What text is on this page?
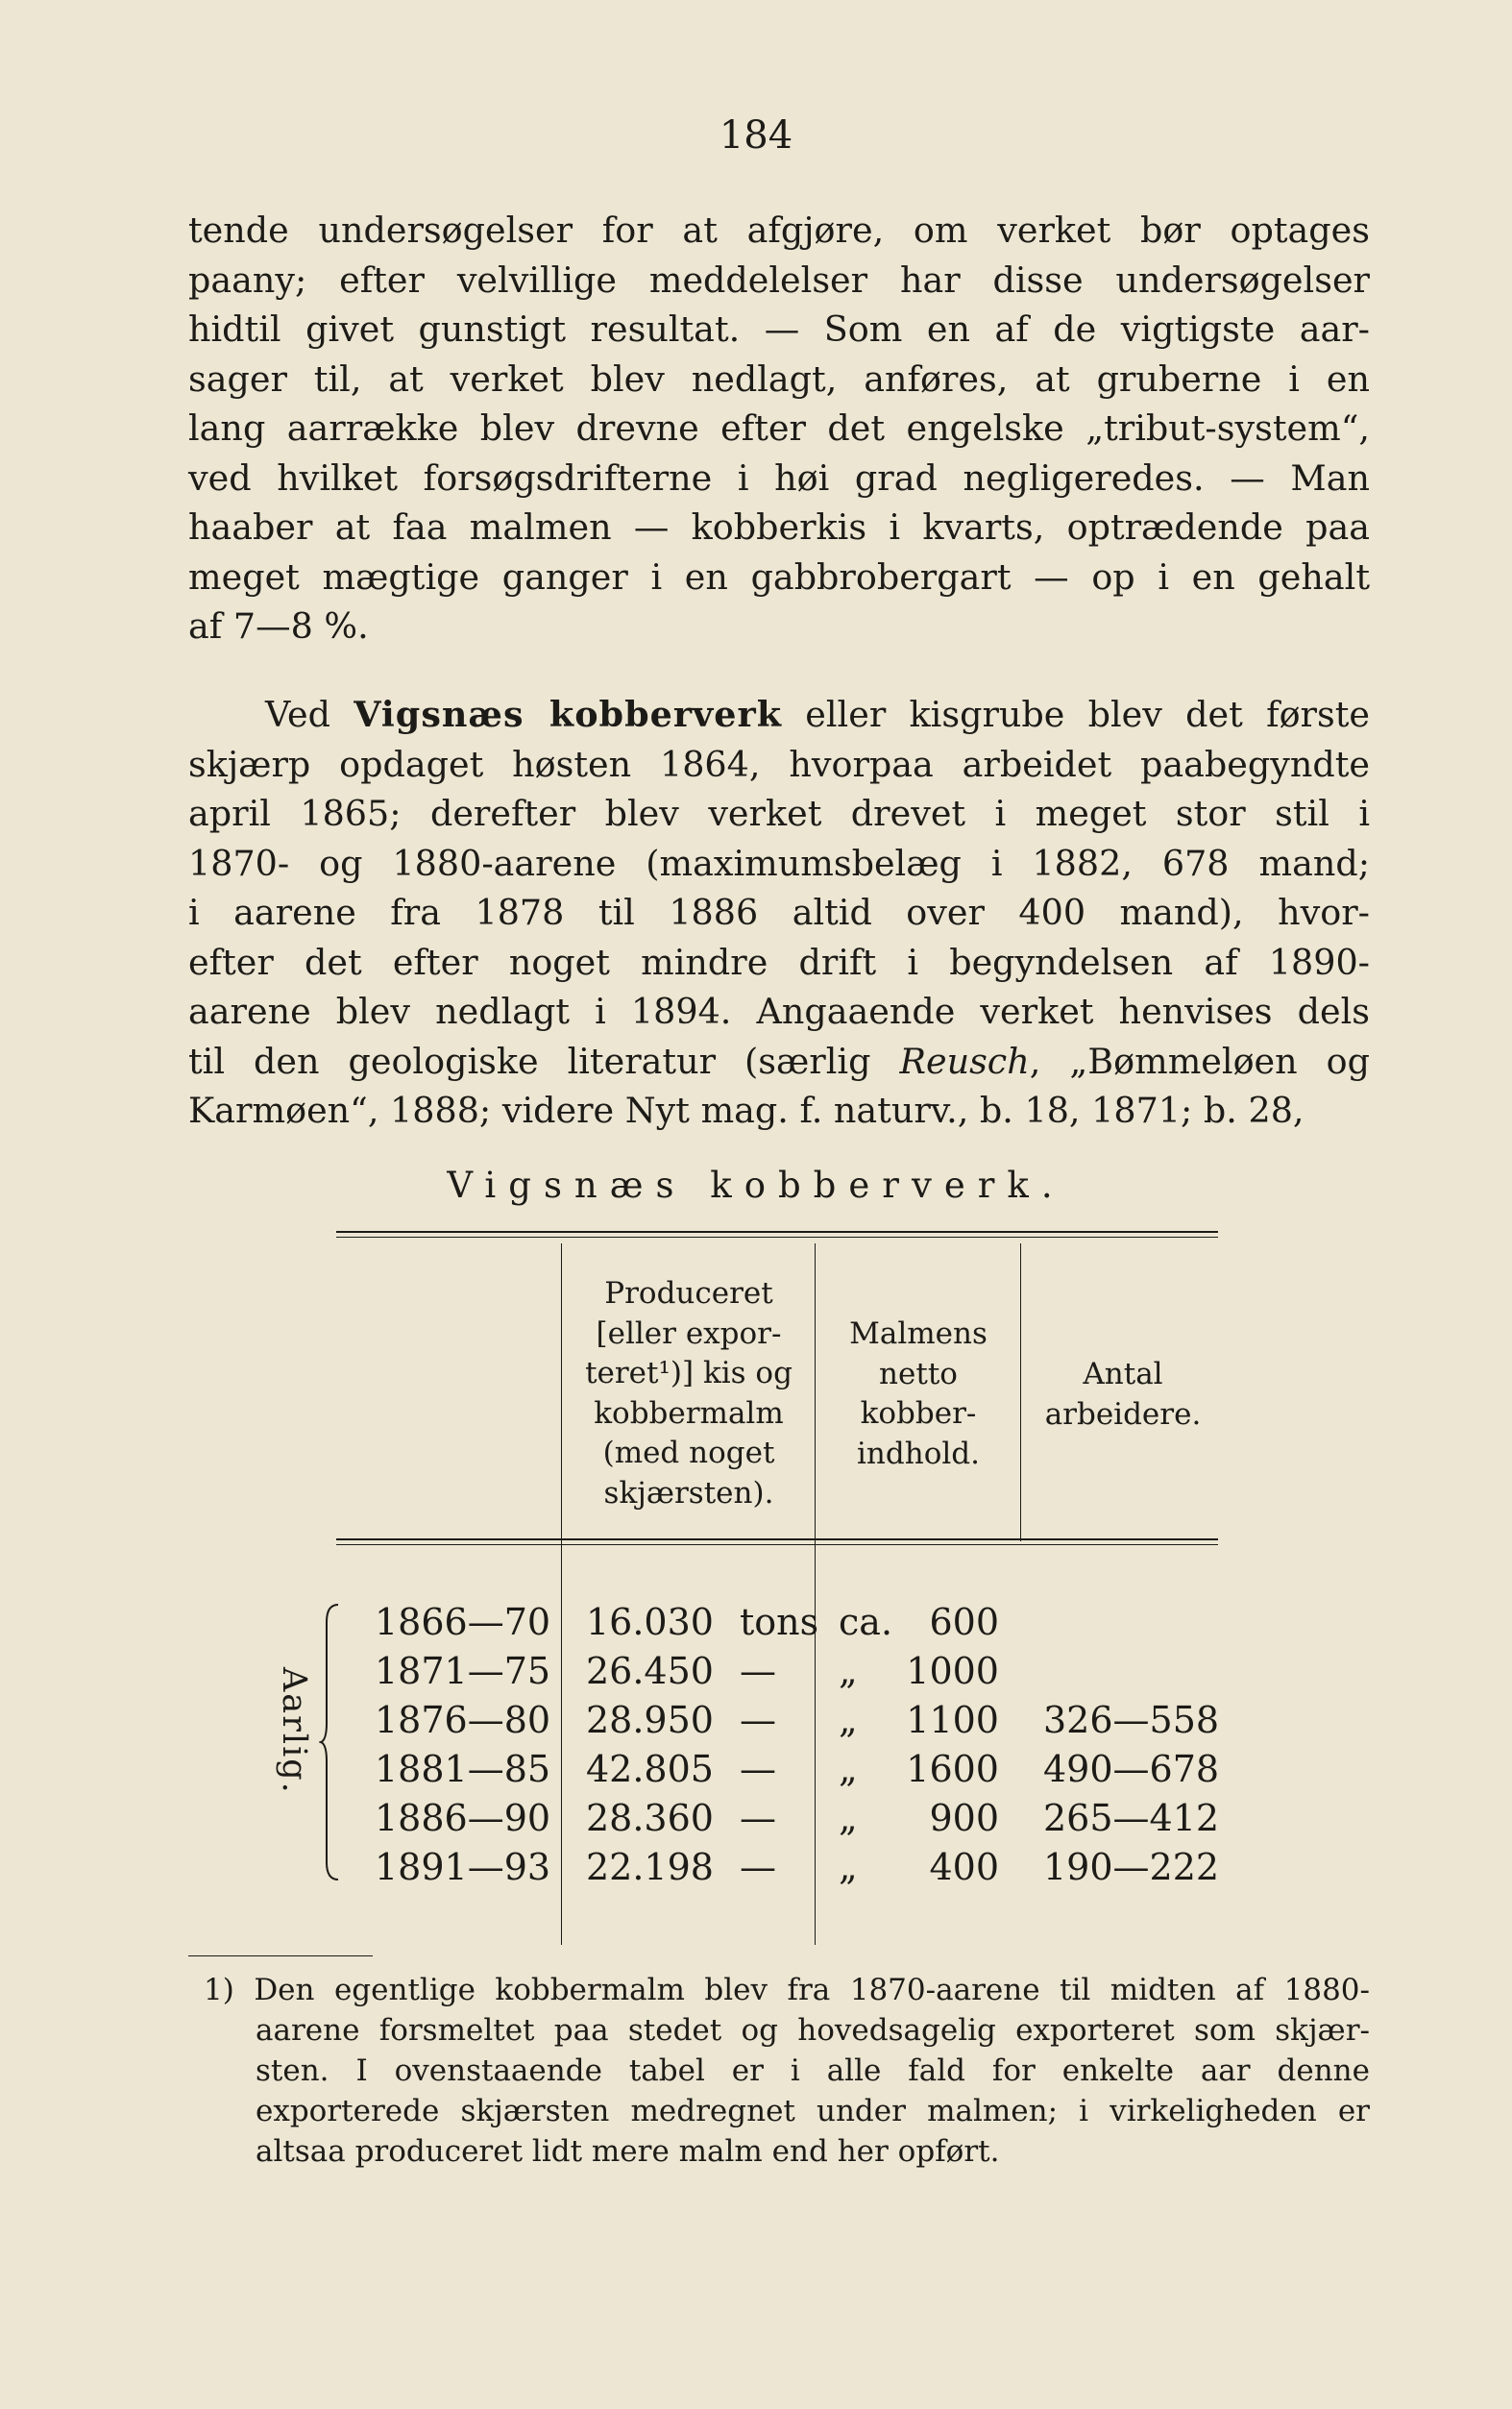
184
tende undersøgelser for at afgjøre, om verket bør optages
paany; efter velvillige meddelelser har disse undersøgelser
hidtil givet gunstigt resultat. — Som en af de vigtigste aar-
sager til, at verket blev nedlagt, anføres, at gruberne i en
lang aarrække blev drevne efter det engelske „tribut-system“,
ved hvilket forsøgsdrifterne i høi grad negligeredes. — Man
haaber at faa malmen — kobberkis i kvarts, optrædende paa
meget mægtige ganger i en gabbrobergart — op i en gehalt
af 7—8 %.
Ved Vigsnæs kobberverk eller kisgrube blev det første
skjærp opdaget høsten 1864, hvorpaa arbeidet paabegyndte
april 1865; derefter blev verket drevet i meget stor stil i
1870- og 1880-aarene (maximumsbelæg i 1882, 678 mand;
i aarene fra 1878 til 1886 altid over 400 mand), hvor-
efter det efter noget mindre drift i begyndelsen af 1890-
aarene blev nedlagt i 1894. Angaaende verket henvises dels
til den geologiske literatur (særlig Reusch, „Bømmeløen og
Karmøen“, 1888; videre Nyt mag. f. naturv., b. 18, 1871; b. 28,
Vigsnæs kobberverk.
Produceret
[eller expor-
teret¹)] kis og
kobbermalm
(med noget
skjærsten).
Malmens
netto
kobber-
indhold.
Antal
arbeidere.
Aarlig.
1866—70 16.030 tons ca.	600
1871—75 26.450 — „	1000
1876—80 28.950 — „	1100 326—558
1881—85 42.805 — „	1600 490—678
1886—90 28.360 — „	900 265—412
1891—93 22.198 — „	400 190—222
1) Den egentlige kobbermalm blev fra 1870-aarene til midten af 1880-
aarene forsmeltet paa stedet og hovedsagelig exporteret som skjær-
sten. I ovenstaaende tabel er i alle fald for enkelte aar denne
exporterede skjærsten medregnet under malmen; i virkeligheden er
altsaa produceret lidt mere malm end her opført.
